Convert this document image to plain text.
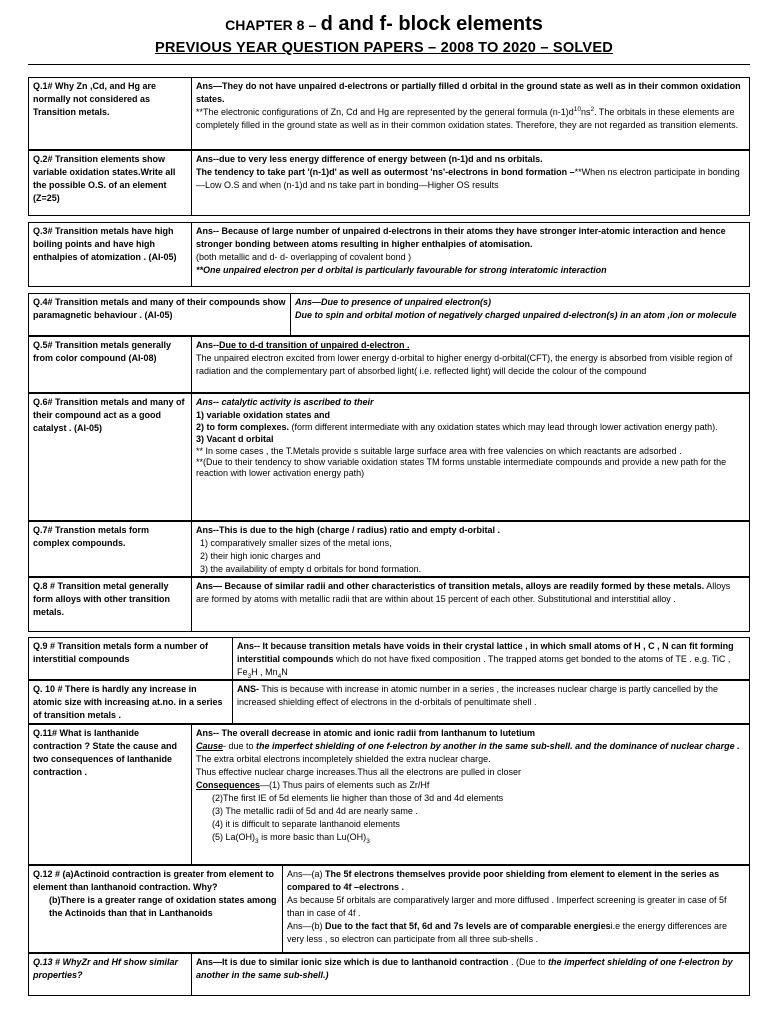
CHAPTER 8 – d and f- block elements
PREVIOUS YEAR QUESTION PAPERS – 2008 TO 2020 – SOLVED
Q.1# Why Zn ,Cd, and Hg are normally not considered as Transition metals.
Ans—They do not have unpaired d-electrons or partially filled d orbital in the ground state as well as in their common oxidation states.
**The electronic configurations of Zn, Cd and Hg are represented by the general formula $(n-1)d^{10}ns^2$. The orbitals in these elements are completely filled in the ground state as well as in their common oxidation states. Therefore, they are not regarded as transition elements.
Q.2# Transition elements show variable oxidation states.Write all the possible O.S. of an element (Z=25)
Ans--due to very less energy difference of energy between (n-1)d and ns orbitals.
The tendency to take part '(n-1)d' as well as outermost 'ns'-electrons in bond formation –**When ns electron participate in bonding—Low O.S and when (n-1)d and ns take part in bonding—Higher OS results
Q.3# Transition metals have high boiling points and have high enthalpies of atomization . (AI-05)
Ans-- Because of large number of unpaired d-electrons in their atoms they have stronger inter-atomic interaction and hence stronger bonding between atoms resulting in higher enthalpies of atomisation.
(both metallic and d- d- overlapping of covalent bond )
**One unpaired electron per d orbital is particularly favourable for strong interatomic interaction
Q.4# Transition metals and many of their compounds show paramagnetic behaviour . (AI-05)
Ans—Due to presence of unpaired electron(s)
Due to spin and orbital motion of negatively charged unpaired d-electron(s) in an atom ,ion or molecule
Q.5# Transition metals generally from color compound (AI-08)
Ans--Due to d-d transition of unpaired d-electron .
The unpaired electron excited from lower energy d-orbital to higher energy d-orbital(CFT), the energy is absorbed from visible region of radiation and the complementary part of absorbed light( i.e. reflected light) will decide the colour of the compound
Q.6# Transition metals and many of their compound act as a good catalyst . (AI-05)
Ans-- catalytic activity is ascribed to their
1) variable oxidation states and
2) to form complexes. (form different intermediate with any oxidation states which may lead through lower activation energy path).
3) Vacant d orbital
** In some cases , the T.Metals provide s suitable large surface area with free valencies on which reactants are adsorbed .
**(Due to their tendency to show variable oxidation states TM forms unstable intermediate compounds and provide a new path for the reaction with lower activation energy path)
Q.7# Transtion metals form complex compounds.
Ans--This is due to the high (charge / radius) ratio and empty d-orbital .
1) comparatively smaller sizes of the metal ions,
2) their high ionic charges and
3) the availability of empty d orbitals for bond formation.
Q.8 # Transition metal generally form alloys with other transition metals.
Ans— Because of similar radii and other characteristics of transition metals, alloys are readily formed by these metals. Alloys are formed by atoms with metallic radii that are within about 15 percent of each other. Substitutional and interstitial alloy .
Q.9 # Transition metals form a number of interstitial compounds
Ans-- It because transition metals have voids in their crystal lattice , in which small atoms of H , C , N can fit forming interstitial compounds which do not have fixed composition . The trapped atoms get bonded to the atoms of TE . e.g. TiC , $Fe_3H$ , $Mn_4N$
Q. 10 # There is hardly any increase in atomic size with increasing at.no. in a series of transition metals .
ANS- This is because with increase in atomic number in a series , the increases nuclear charge is partly cancelled by the increased shielding effect of electrons in the d-orbitals of penultimate shell .
Q.11# What is lanthanide contraction ? State the cause and two consequences of lanthanide contraction .
Ans-- The overall decrease in atomic and ionic radii from lanthanum to lutetium
Cause- due to the imperfect shielding of one f-electron by another in the same sub-shell. and the dominance of nuclear charge .
The extra orbital electrons incompletely shielded the extra nuclear charge.
Thus effective nuclear charge increases.Thus all the electrons are pulled in closer
Consequences—(1) Thus pairs of elements such as Zr/Hf
(2)The first IE of 5d elements lie higher than those of 3d and 4d elements
(3) The metallic radii of 5d and 4d are nearly same .
(4) it is difficult to separate lanthanoid elements
(5) $La(OH)_3$ is more basic than $Lu(OH)_3$
Q.12 # (a)Actinoid contraction is greater from element to element than lanthanoid contraction. Why?
(b)There is a greater range of oxidation states among the Actinoids than that in Lanthanoids
Ans—(a) The 5f electrons themselves provide poor shielding from element to element in the series as compared to 4f –electrons .
As because 5f orbitals are comparatively larger and more diffused . Imperfect screening is greater in case of 5f than in case of 4f .
Ans—(b) Due to the fact that 5f, 6d and 7s levels are of comparable energiesi.e the energy differences are very less , so electron can participate from all three sub-shells .
Q.13 # WhyZr and Hf show similar properties?
Ans—It is due to similar ionic size which is due to lanthanoid contraction . (Due to the imperfect shielding of one f-electron by another in the same sub-shell.)
